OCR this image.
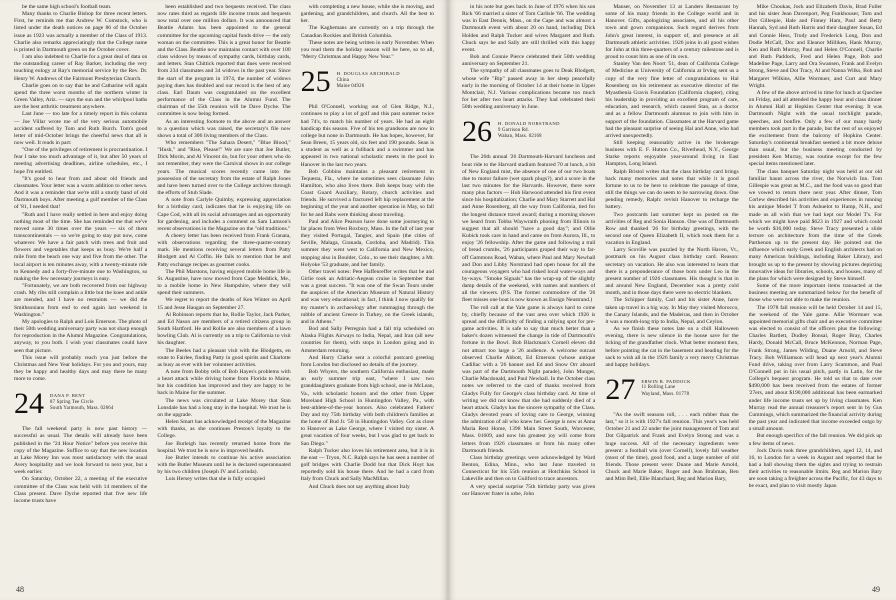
be the same high school's football team.

Many thanks to Charlie Bishop for three recent letters. First, he reminds me that Andrew W. Comstock, who is listed under the death notices on page 86 of the October issue as 1923 was actually a member of the Class of 1913. Charlie also remarks appreciatingly that the College name is printed in Dartmouth green on the October cover.

I am also indebted to Charlie for a great deal of data on the outstanding career of Ray Barker, including the very touching eulogy at Ray's memorial service by the Rev. Dr. Henry W. Andrews of the Fairmont Presbyterian Church.

Charlie goes on to say that he and Catharine will again spend the three worst months of the northern winter in Green Valley, Ariz. — says the sun and the whirlpool baths are the best arthritic treatment anywhere.

Last June — too late for a timely report in this column — Joe Villar wrote me of the very serious automobile accident suffered by Tom and Ruth Burch. Tom's good letter of mid-October brings the cheerful news that all is now well. It reads in part:

"One of the privileges of retirement is procrastination. I fear I take too much advantage of it, but after 50 years of meeting advertising deadlines, airline schedules, etc., I hope I'm entitled.

"It's good to hear from and about old friends and classmates. Your letter was a warm addition to other news. And it was a reminder that we're still a sturdy band of old Dartmouth boys. After meeting a gulf member of the Class of '81, I needed that!

"Ruth and I have really settled in here and enjoy doing nothing most of the time. She has reminded me that we've moved some 30 times over the years — six of them transcontinentals — so we're going to stay put now, come whatever. We have a fair patch with trees and fruit and flowers and vegetables that keeps us busy. We're half a mile from the beach one way and five from the other. The local airport is ten minutes away, with a twenty-minute ride to Kennedy and a forty-five-minute one to Washington, so making the few necessary journeys is easy.

"Fortunately, we are both recovered from our highway crash. My ribs still complain a little but the knee and ankle are mended, and I have no restraints — we did the Smithsonians from end to end again last weekend in Washington."

My apologies to Ralph and Lois Emerson. The photo of their 50th wedding anniversary party was not sharp enough for reproduction in the Alumni Magazine. Congratulations, anyway, to you both. I wish your classmates could have seen that picture.

This issue will probably reach you just before the Christmas and New Year holidays. For you and yours, may they be happy and healthy days and may there be many more to come.

24 DANA P. BENT
87 Spring Tee Circle
South Yarmouth, Mass. 02664

The fall weekend party is now past history — successful as usual. The details will already have been published in the "24 Hour Notice" before you receive this copy of the Magazine. Suffice to say that the new location at Lake Morey Inn was most satisfactory with the usual Avery hospitality and we look forward to next year, but a week earlier.

On Saturday, October 22, a meeting of the executive committee of the Class was held with 14 members of the Class present. Dave Dyche reported that five new life income trusts have

been established and two bequests received. The class now rates third as regards life income trusts and bequests now total over one million dollars. It was announced that Beattie Adams has been appointed to the general committee for the upcoming capital funds drive — the only woman on the committee. This is a great honor for Beattie and the Class. Beattie now maintains contact with over 100 class widows by means of sympathy cards, birthday cards, and letters. Stan Chittick reported that dues were received from 234 classmates and 34 widows in the past year. Since the start of the program in 1974, the number of widows paying dues has doubled and our record is the best of any class. Earl Daum was congratulated on the excellent performance of the Class in the Alumni Fund. The chairman of the 55th reunion will be Dave Dyche. The committee is now being formed.

As an interesting footnote to the above and an answer to a question which was raised, the secretary's file now shows a total of 306 living members of the Class.

Who remembers "The Sahara Desert," "Blue Blood," "Hush," and "Rise, Please!" We are sure that Joe Butler, Dick Morin, and Al Vincent do, but for your others who do not remember, they were the Carnival shows in our college years. The musical scores recently came into the possession of the secretary from the estate of Ralph Jones and have been turned over to the College archives through the efforts of Stub Slade.

A note from Carlyle Quimby, expressing appreciation for a birthday card, indicates that he is enjoying life on Cape Cod, with all its social advantages and an opportunity for gardening, and includes a comment on Sam Lamson's recent observations in the Magazine on the "old traditions."

A cheery letter has been received from Frank Granata, with observations regarding the three-quarter-century mark. He mentions receiving several letters from Patty Blodgett and Al Coffin. He fails to mention that he and Patty exchange recipes as gourmet cooks.

The Phil Marstons, having enjoyed mobile home life in St. Augustine, have now moved from Cape Meddick, Me., to a mobile home in New Hampshire, where they will spend their summers.

We regret to report the deaths of Ken Winter on April 15 and Jesse Haugan on September 27.

Al Robinson reports that he, Rollie Taylor, Jack Parker, and Ed Nason are members of a retired citizens group in South Hartford. He and Rollie are also members of a lawn bowling Club. Al is currently on a trip to California to visit his daughter.

The Beeles had a pleasant visit with the Blodgetts, en route to Fairlee, finding Patty in good spirits and Charlotte as busy as ever with her volunteer activities.

A note from Bobby tells of Bob Hayes's problems with a heart attack while driving home from Florida to Maine, but his condition has improved and they are happy to be back in Maine for the summer.

The news was circulated at Lake Morey that Stan Lonsdale has had a long stay in the hospital. We trust he is on the upgrade.

Helen Smart has acknowledged receipt of the Magazine with thanks, as she continues Preston's loyalty to the College.

Joe Burleigh has recently returned home from the hospital. We trust he is now in improved health.

Joe Butler intends to continue his active association with the Butler Museum until he is declared superannuated by his two children (Joseph IV and Lorinda).

Lois Hersey writes that she is fully occupied

with completing a new house, while she is moving, and gardening, and grandchildren, and church. All the best to her.

The Kaghemans are currently on a trip through the Canadian Rockies and British Columbia.

These notes are being written in early November. When you read them the holiday season will be here, so to all, "Merry Christmas and Happy New Year."

25 H. DOUGLAS ARCHIBALD
China
Maine 04926

Phil O'Connell, working out of Glen Ridge, N.J., continues to play a lot of golf and this past summer twice had 74's, to match his number of years. He had an eight handicap this season. Five of his ten grandsons are now in college but none in Dartmouth. He has hopes, however, for Sean Breen, 15 years old, six feet and 190 pounds. Sean is a student as well as a fullback and a swimmer and has appeared in two national scholastic meets in the pool in Hanover in the last two years.

Bob Cobbins maintains a pleasant retirement in Tequesta, Fla., where he sometimes sees classmate John Hamilton, who also lives there. Bob keeps busy with the Coast Guard Auxiliary, Rotary, church activities and friends. He survived a fractured left hip replacement at the beginning of the year and another operation in May, so fall for he and Babs were thinking about traveling.

Paul and Alice Pearson have done some journeying to far places from West Roxbury, Mass. In the fall of last year they visited Portugal, Tangier, and Spain (the cities of Seville, Malaga, Granada, Cordoba, and Madrid). This summer they went west to California and New Mexico, stopping also in Boulder, Colo., to see their daughter, a Mt. Holyoke '53 graduate, and her family.

Other travel notes: Pete Haffenreffer writes that he and Girlie took an Adriatic-Aegean cruise in September that was a great success. "It was one of the Swan Tours under the auspices of the American Museum of Natural History and was very educational; in fact, I think I now qualify for my master's in archaeology after rummaging through the rubble of ancient Greece in Turkey, on the Greek islands, and in Athens."

Bod and Sally Petregnin had a fall trip scheduled on Alaska Flights Airways to India, Nepal, and Iran (all new countries for them), with stops in London going and in Amsterdam returning.

And Harry Clarke sent a colorful postcard greeting from London but disclosed no details of the journey.

Bob Whyers, the southern California enthusiast, made an early summer trip east, "where I saw two granddaughters graduate from high school, one in McLean, Va., with scholastic honors and the other from Upper Moreland High School in Huntingdon Valley, Pa., with best-athlete-of-the-year honors. Also celebrated Fathers' Day and my 75th birthday with both children's families at the home of Bud Jr. '50 in Huntingdon Valley. Got as close to Hanover as Lake George, where I visited my sister. A great vacation of four weeks, but I was glad to get back to San Diego."

Ralph Tucker also loves his retirement area, but it is in the east — Tryon, N.C. Ralph says he has seen a number of golf bridges with Charlie Dodd but that Dick Hoyt has reportedly sold his house there. And he had a card from Italy from Chuck and Sally MacMillan.

And Chuck does not say anything about Italy

48

in his note but goes back to June of 1976 when his son Rick '66 married a sister of Tom Carlisle '66. The wedding was in East Dennis, Mass., on the Cape and was almost a Dartmouth event with about 20 on hand, including Dick Holden and Ralph Tucker and wives Margaret and Ruth. Chuck says he and Sally are still thrilled with this happy event.

Bob and Connie Pierce celebrated their 50th wedding anniversary on September 21.

The sympathy of all classmates goes to Deak Blodgett, whose wife "Bip" passed away in her sleep peacefully early in the morning of October 14 at their home in Upper Montclair, N.J. Various complications became too much for her after two heart attacks. They had celebrated their 50th wedding anniversary in June.

26 H. DONALD NORSTRAND
9 Garrison Rd.
Waban, Mass. 02168

The 26th annual '26 Dartmouth-Harvard luncheon and bout ride to the Harvard stadium featured 70 at lunch, a bit of New England mist, the absence of one of our two boats due to motor failure (wet spark plugs?), and a score in the last two minutes for the Harvards. However, there were many plus factors — Hub Harwood attended his first event since his hospitalization; Charlie and Mary Starrett and Hal and Anne Rosenberg, all the way from California, tied for the longest distance travel award; during a morning shower we heard from Tobba Waywraith phoning from Illinois to suggest that all should "have a good day"; and Ollie Kubick took care in hand and came on from Aurora, Ill., to enjoy '26 fellowship. After the game and following a trail of bread crumbs, '26 participants groped their way to far-off Gammons Road, Waban, where Paul and Mary Newhall and Don and Libby Norstrand had open house for all the courageous voyagers who had risked local water-ways and by-ways. "Smoke Signals" has the wrap-up of the slightly damp details of the weekend, with names and numbers of all the viewers. (P.S. The former commodore of the '26 fleet misses one boat is now known as Ensign Neustrand.)

The roll call at the Yale game is always hard to come by, chiefly because of the vast area over which 1926 is spread and the difficulty of finding a rallying spot for pre-game activities. It is safe to say that much better than a baker's dozen witnessed the change in tide of Dartmouth's fortune in the Bowl. Bob Blackman's Cornell eleven did not attract too large a '26 audience. A welcome outcast observed Charlie Abbott, Ed Emerson (whose antique Cadillac with a '26 banner and Ed and Snow Orr aboard was part of the Dartmouth Night parade), John Munger, Charlie Macdonald, and Paul Newhall. In the October class notes we referred to the card of thanks received from Gladys Fully for George's class birthday card. At time of writing we did not know that she had suddenly died of a heart attack. Gladys has the sincere sympathy of the Class. Gladys devoted years of loving care to George, winning the admiration of all who knew her. George is now at Anna Maria Rest Home, 1398 Main Street South, Worcester, Mass. 01609, and now his greatest joy will come from letters from 1926 classmates or from his many other Dartmouth friends.

Class birthday greetings were acknowledged by Ward Benton, Edina, Minn., who last June traveled to Connecticut for his 55th reunion at Hotchkiss School in Lakeville and then on to Guilford to trace ancestors.

A very special surprise 75th birthday party was given our Hanover frater in urbe, John

Manser, on November 13 at Landers Restaurant by some of his many friends in the College world and in Hanover. Gifts, apologizing associates, and all his other town and gown companions. Such regard derives from John's great interest, in support of, and presence at all Dartmouth athletic activities. 1926 joins in all good wishes for John at this three-quarters of a century milestone and is proud to count him as one of its own.

Stanley Van den Noort '51, dean of California College of Medicine at University of California at Irving sent us a copy of the very fine letter of congratulations to Hal Rosenberg on his retirement as executive director of the Myasthenia Gravis Foundation (California chapter), citing his leadership in providing an excellent program of care, education, and research, which caused Stan, as a doctor and as a fellow Dartmouth alumnus to join with him in support of the foundation. Classmates at the Harvard game had the pleasant surprise of seeing Hal and Anne, who had arrived unexpectedly.

Still keeping reasonably active in the brokerage business with E. F. Hutton Co., Riverhead, N.Y., George Starke reports enjoyable year-around living in East Hampton, Long Island.

Ralph Bristol writes that the class birthday card brings back many memories and notes that while it is good fortune to us to be here to celebrate the passage of time, still the things we can do seem to be narrowing down. One pending remedy, Ralph: revisit Hanover to recharge the battery.

Two postcards last summer kept us posted on the activities of Reg and Sonia Hanson. One was of Dartmouth Row and thanked '26 for birthday greetings, with the second one of Queen Elizabeth II, which took them for a vacation in England.

Larry Scoville was puzzled by the North Haven, Vt., postmark on his August class birthday card. Reason: secretary on vacation. He also was interested to learn that there is a preponderance of those born under Leo in the present number of 1926 classmates. His thought is that in and around New England, December was a pretty cold month, and in those days there were no electric blankets.

The Schipper family, Carl and his sister Anne, have taken up travel in a big way. In May they visited Morocco, the Canary Islands, and the Madeiras, and then in October it was a month-long trip to India, Nepal, and Ceylon.

As we finish these notes late on a chill Halloween evening, there is new silence in the house save for the ticking of the grandfather clock. What better moment then, before pointing the cat in the basement and heading for the sack to wish all in the 1926 family a very merry Christmas and happy holidays.

27 ERWIN B. PADDOCK
11 Rolling Lane
Wayland, Mass. 01778

"As the swift seasons roll, . . . each rubber than the last," so it is with 1927's fall reunion. This year's was held October 21 and 22 under the joint management of Tom and Dot Gilpatrick and Frank and Evelyn Strong and was a huge success. All of the necessary ingredients were present: a football win (over Cornell), lovely fall weather (most of the time), good food, and a large number of old friends. Those present were: Duane and Marie Arnold, Chuck and Marie Baker, Roger and Jean Brabman, Ben and Mim Bell, Ellie Blanchard, Reg and Marion Bary,

Mike Choukas, Jock and Elizabeth Davis, Brad Fuller and his sister Jean Davenport, Peg Funkhouser, Tom and Dot Gillespie, Hale and Finney Ham, Paul and Betty Hannah, Syd and Ruth Harris and their daughter Susan, Ed and Connie Hess, Trudy and Frederick Long, Don and Dodie McCall, Doc and Eleanor Milliken, Hank Murray, Ken and Ruth Murray, Paul and Helen O'Connell, Charlie and Ruth Paddock, Fred and Helen Page, Bob and Madeline Page, Larry and Ora Swansen, Frank and Evelyn Strong, Steve and Dot Tracy, Al and Nanna Wilks, Bob and Margaret Wilkins, Allie Wormuer, and Curt and Mary Wright.

A few of the above arrived in time for lunch at Quechee on Friday, and all attended the happy hour and class dinner in Alumni Hall at Hopkins Center that evening. It was Dartmouth Night with the usual torchlight parade, speeches, and bonfire. Only a few of our many hardy members took part in the parade, but the rest of us enjoyed the excitement from the balcony of Hopkins Center. Saturday's continental breakfast seemed a bit more deluxe than usual, but the business meeting conducted by president Ken Murray, was routine except for the few special items mentioned later.

The class banquet Saturday night was held at our old familiar haunt across the river, the Norwich Inn. Tom Gillespie was great as M.C., and the food was so good that we vowed to return there next year. After dinner, Tom Corlew described his activities and experiences in running his antique Model T from Ashuelot to Hamp, N.H., and made us all wish that we had kept our Model T's. For which we might have paid $623 in 1927 and which could be worth $16,000 today. Steve Tracy presented a slide lecture on architecture from the time of the Greek Parthenon up to the present day. He pointed out the influence which early Greek and English architects had on many American buildings, including Baker Library, and brought us up to the present by showing pictures depicting innovative ideas for libraries, schools, and houses, many of the plans for which were designed by Steve himself.

Some of the more important items transacted at the business meeting are summarized below for the benefit of those who were not able to make the reunion.

The 1978 fall reunion will be held October 14 and 15, the weekend of the Yale game. Allie Wormuer was appointed memorial gifts chair and an executive committee was elected to consist of the officers plus the following: Charles Bartlett, Dudley Bonsal, Roger Bray, Charles Hardy, Donald McCall, Bruce McKennon, Norman Page, Frank Strong, James Wilding, Duane Arnold, and Steve Tracy. Bob Williamson will head up next year's Alumni Fund drive, taking over from Larry Scammon, and Paul O'Connell put in his usual pitch, partly in Latin, for the College's bequest program. He told us that to date over $490,000 has been received from the estates of former '27ers, and about $190,000 additional has been earmarked under life income trusts set up by living classmates. Ken Murray read the annual treasurer's report sent in by Gus Cummings, which summarized the financial activity during the past year and indicated that income exceeded outgo by a small amount.

But enough specifics of the fall reunion. We did pick up a few items of news.

Jock Davis took three grandchildren, aged 12, 14, and 16, to London for a week in August and reported that he had a ball showing them the sights and trying to restrain their activities to reasonable limits. Reg and Marion Bary are soon taking a freighter across the Pacific, for 43 days to be exact, and plan to visit mostly Japan

49
